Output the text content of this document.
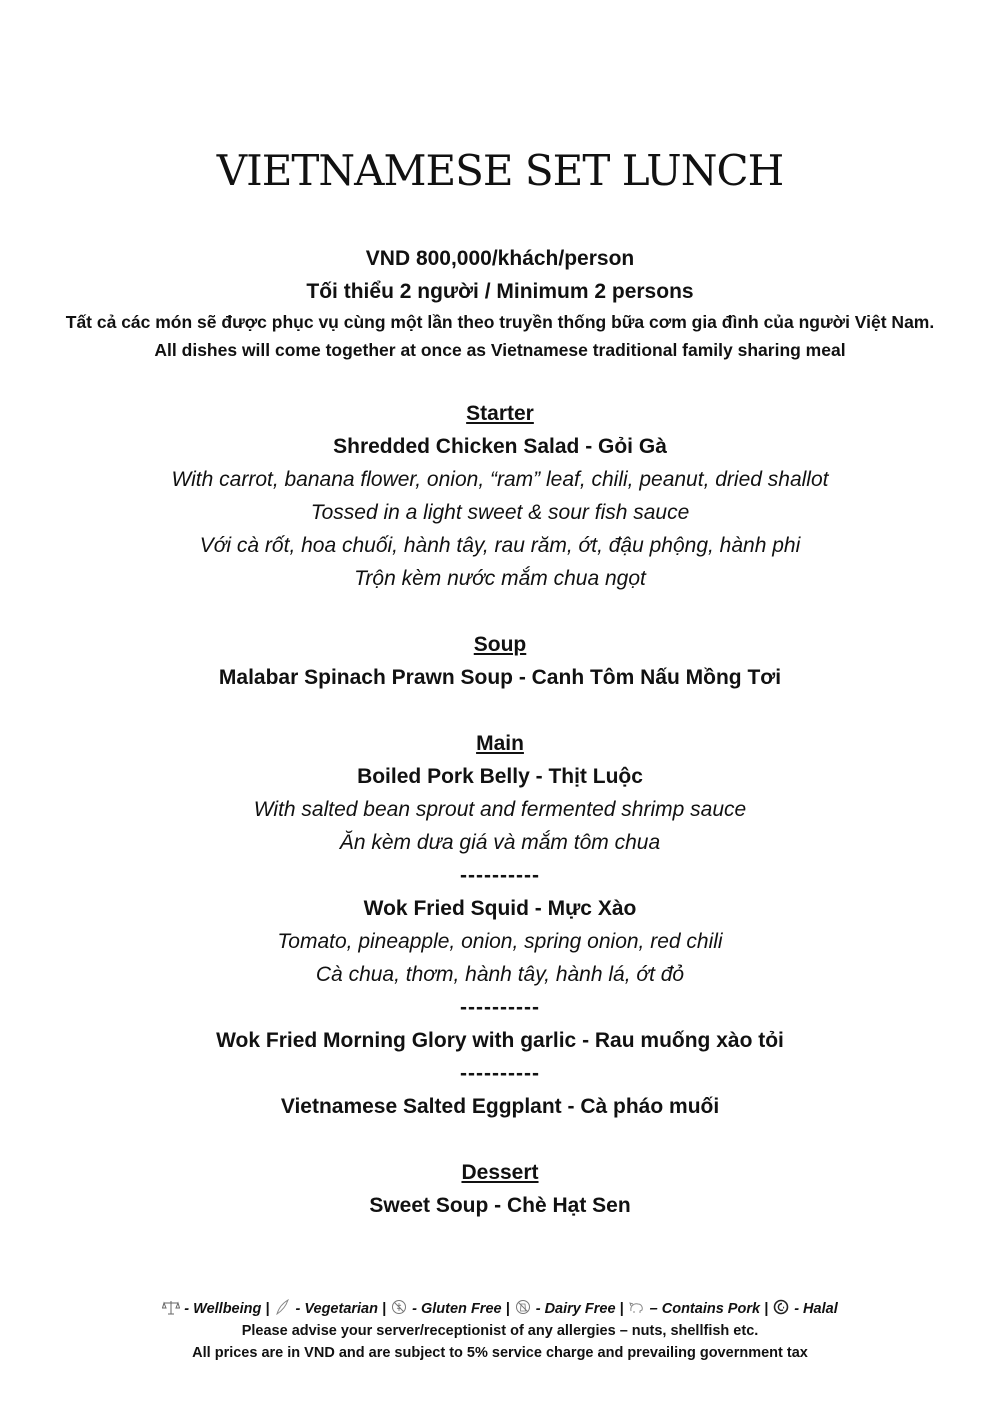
VIETNAMESE SET LUNCH
VND 800,000/khách/person
Tối thiểu 2 người / Minimum 2 persons
Tất cả các món sẽ được phục vụ cùng một lần theo truyền thống bữa cơm gia đình của người Việt Nam. All dishes will come together at once as Vietnamese traditional family sharing meal
Starter
Shredded Chicken Salad - Gỏi Gà
With carrot, banana flower, onion, “ram” leaf, chili, peanut, dried shallot
Tossed in a light sweet & sour fish sauce
Với cà rốt, hoa chuối, hành tây, rau răm, ớt, đậu phộng, hành phi
Trộn kèm nước mắm chua ngọt
Soup
Malabar Spinach Prawn Soup - Canh Tôm Nấu Mồng Tơi
Main
Boiled Pork Belly - Thịt Luộc
With salted bean sprout and fermented shrimp sauce
Ăn kèm dưa giá và mắm tôm chua
----------
Wok Fried Squid - Mực Xào
Tomato, pineapple, onion, spring onion, red chili
Cà chua, thơm, hành tây, hành lá, ớt đỏ
----------
Wok Fried Morning Glory with garlic - Rau muống xào tỏi
----------
Vietnamese Salted Eggplant - Cà pháo muối
Dessert
Sweet Soup - Chè Hạt Sen
- Wellbeing | - Vegetarian | - Gluten Free | - Dairy Free | – Contains Pork | - Halal
Please advise your server/receptionist of any allergies – nuts, shellfish etc.
All prices are in VND and are subject to 5% service charge and prevailing government tax
